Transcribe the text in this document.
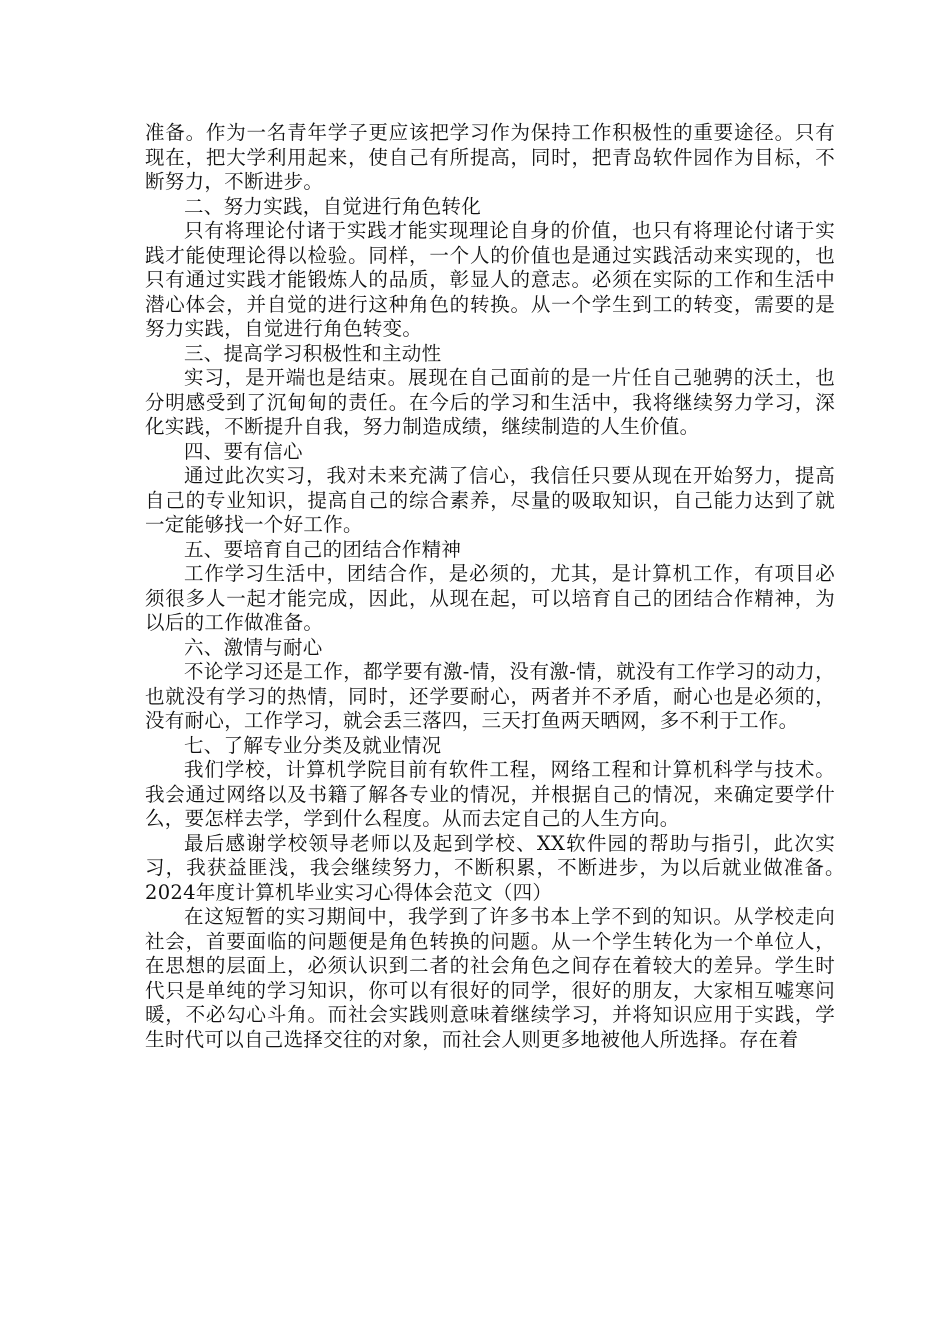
准备。作为一名青年学子更应该把学习作为保持工作积极性的重要途径。只有现在，把大学利用起来，使自己有所提高，同时，把青岛软件园作为目标，不断努力，不断进步。

二、努力实践，自觉进行角色转化

只有将理论付诸于实践才能实现理论自身的价值，也只有将理论付诸于实践才能使理论得以检验。同样，一个人的价值也是通过实践活动来实现的，也只有通过实践才能锻炼人的品质，彰显人的意志。必须在实际的工作和生活中潜心体会，并自觉的进行这种角色的转换。从一个学生到工的转变，需要的是努力实践，自觉进行角色转变。

三、提高学习积极性和主动性

实习，是开端也是结束。展现在自己面前的是一片任自己驰骋的沃土，也分明感受到了沉甸甸的责任。在今后的学习和生活中，我将继续努力学习，深化实践，不断提升自我，努力制造成绩，继续制造的人生价值。

四、要有信心

通过此次实习，我对未来充满了信心，我信任只要从现在开始努力，提高自己的专业知识，提高自己的综合素养，尽量的吸取知识，自己能力达到了就一定能够找一个好工作。

五、要培育自己的团结合作精神

工作学习生活中，团结合作，是必须的，尤其，是计算机工作，有项目必须很多人一起才能完成，因此，从现在起，可以培育自己的团结合作精神，为以后的工作做准备。

六、激情与耐心

不论学习还是工作，都学要有激-情，没有激-情，就没有工作学习的动力，也就没有学习的热情，同时，还学要耐心，两者并不矛盾，耐心也是必须的，没有耐心，工作学习，就会丢三落四，三天打鱼两天晒网，多不利于工作。

七、了解专业分类及就业情况

我们学校，计算机学院目前有软件工程，网络工程和计算机科学与技术。我会通过网络以及书籍了解各专业的情况，并根据自己的情况，来确定要学什么，要怎样去学，学到什么程度。从而去定自己的人生方向。

最后感谢学校领导老师以及起到学校、XX软件园的帮助与指引，此次实习，我获益匪浅，我会继续努力，不断积累，不断进步，为以后就业做准备。　　2024年度计算机毕业实习心得体会范文（四）

在这短暂的实习期间中，我学到了许多书本上学不到的知识。从学校走向社会，首要面临的问题便是角色转换的问题。从一个学生转化为一个单位人，在思想的层面上，必须认识到二者的社会角色之间存在着较大的差异。学生时代只是单纯的学习知识，你可以有很好的同学，很好的朋友，大家相互嘘寒问暖，不必勾心斗角。而社会实践则意味着继续学习，并将知识应用于实践，学生时代可以自己选择交往的对象，而社会人则更多地被他人所选择。存在着
